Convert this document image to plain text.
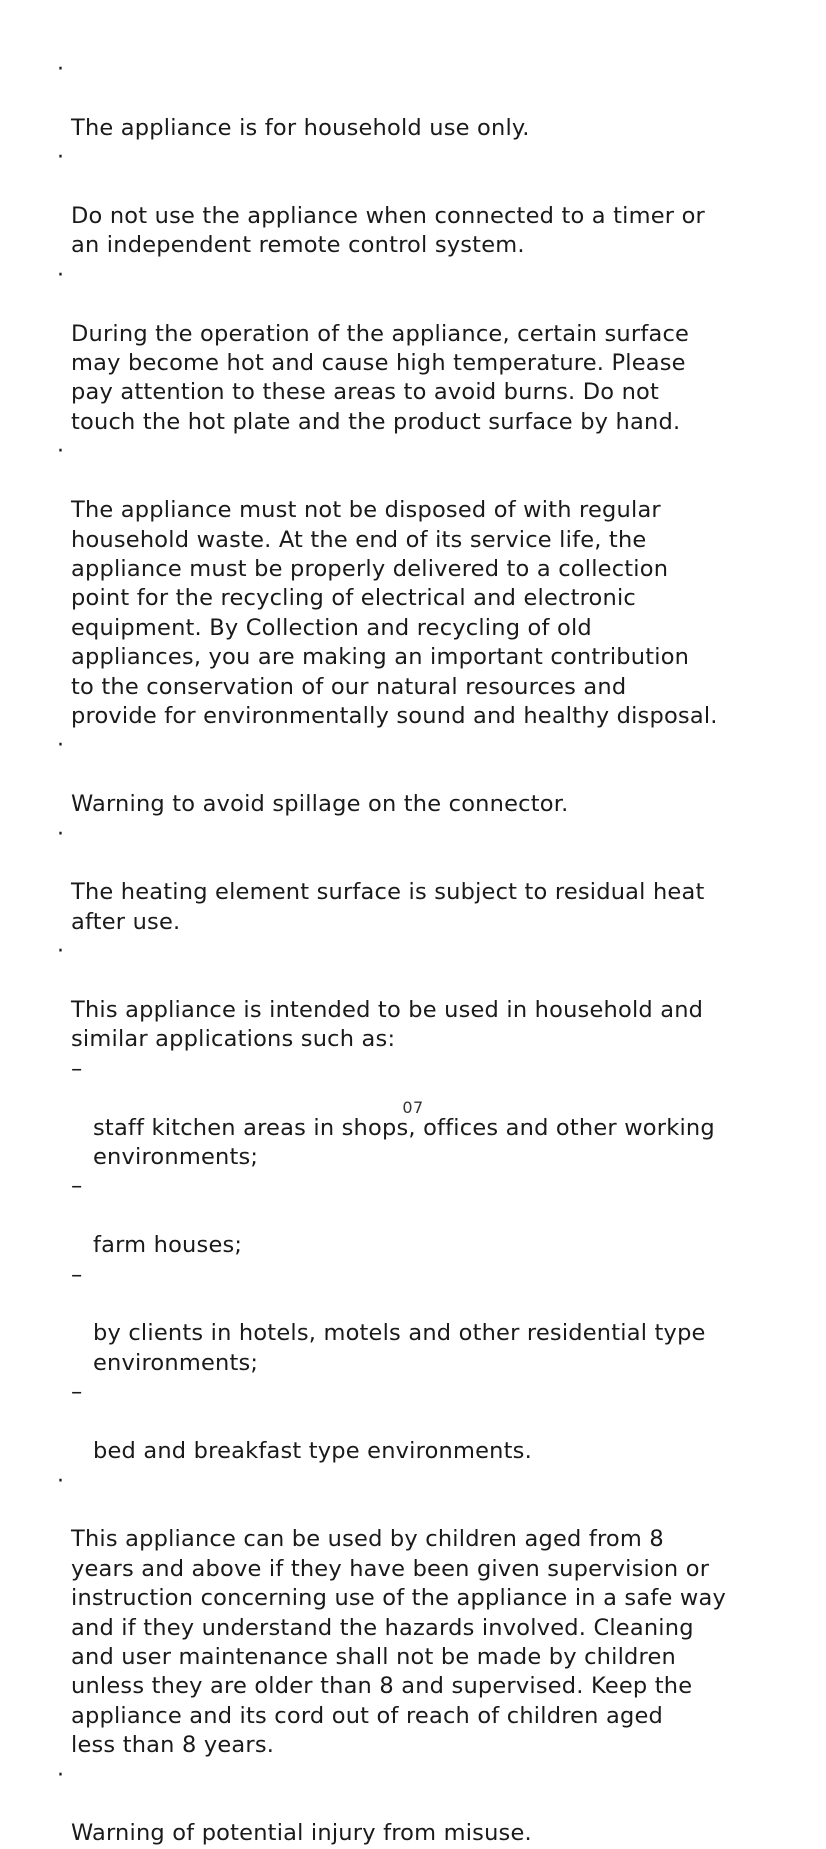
·

The appliance is for household use only.

·

Do not use the appliance when connected to a timer or
an independent remote control system.

·

During the operation of the appliance, certain surface
may become hot and cause high temperature. Please
pay attention to these areas to avoid burns. Do not
touch the hot plate and the product surface by hand.

·

The appliance must not be disposed of with regular
household waste. At the end of its service life, the
appliance must be properly delivered to a collection
point for the recycling of electrical and electronic
equipment. By Collection and recycling of old
appliances, you are making an important contribution
to the conservation of our natural resources and
provide for environmentally sound and healthy disposal.

·

Warning to avoid spillage on the connector.

·

The heating element surface is subject to residual heat
after use.

·

This appliance is intended to be used in household and
similar applications such as:

–

staff kitchen areas in shops, offices and other working
environments;

–

farm houses;

–

by clients in hotels, motels and other residential type
environments;

–

bed and breakfast type environments.

·

This appliance can be used by children aged from 8
years and above if they have been given supervision or
instruction concerning use of the appliance in a safe way
and if they understand the hazards involved. Cleaning
and user maintenance shall not be made by children
unless they are older than 8 and supervised. Keep the
appliance and its cord out of reach of children aged
less than 8 years.

·

Warning of potential injury from misuse.

07
